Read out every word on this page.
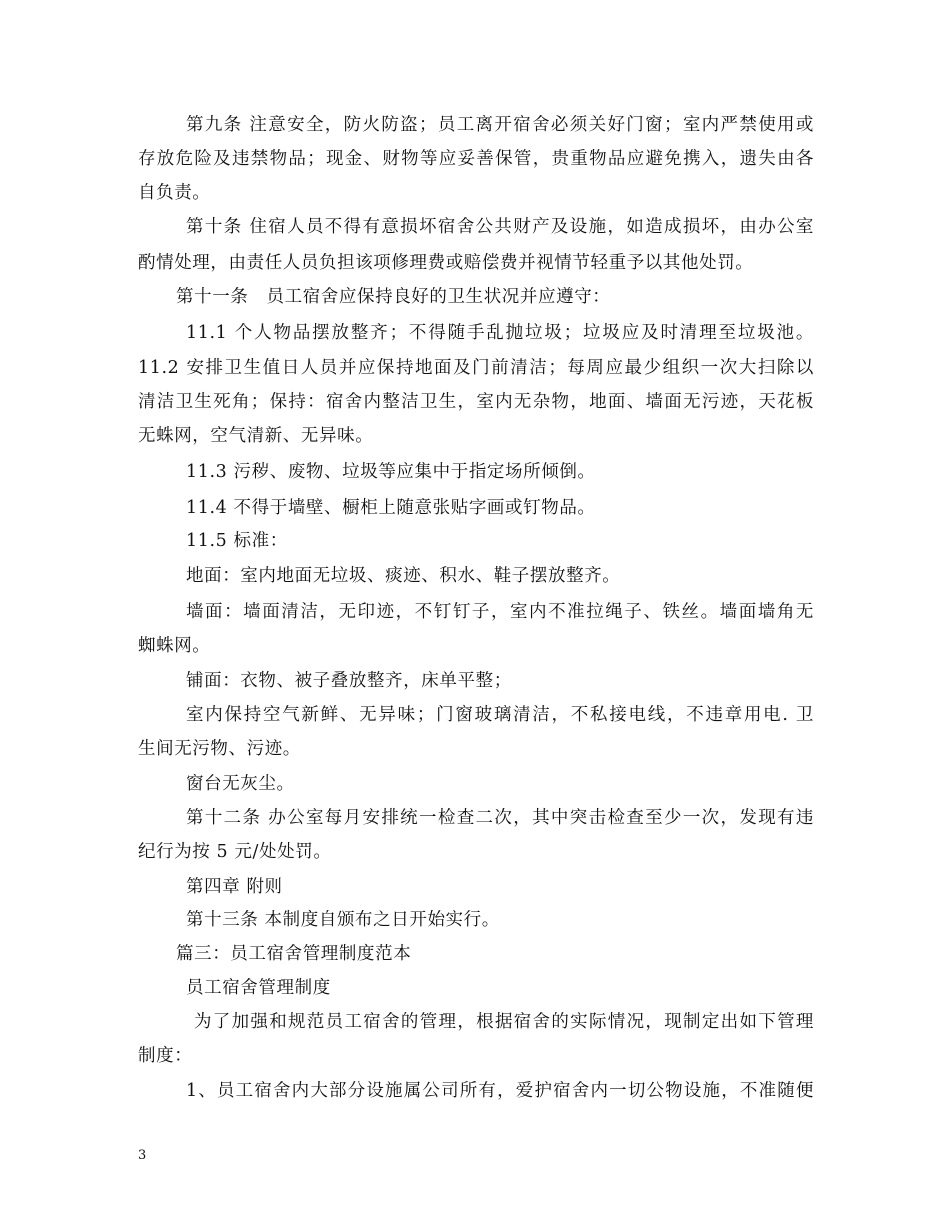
第九条 注意安全，防火防盗；员工离开宿舍必须关好门窗；室内严禁使用或
存放危险及违禁物品；现金、财物等应妥善保管，贵重物品应避免携入，遗失由各
自负责。
第十条 住宿人员不得有意损坏宿舍公共财产及设施，如造成损坏，由办公室
酌情处理，由责任人员负担该项修理费或赔偿费并视情节轻重予以其他处罚。
第十一条　员工宿舍应保持良好的卫生状况并应遵守：
11.1 个人物品摆放整齐；不得随手乱抛垃圾；垃圾应及时清理至垃圾池。
11.2 安排卫生值日人员并应保持地面及门前清洁；每周应最少组织一次大扫除以
清洁卫生死角；保持：宿舍内整洁卫生，室内无杂物，地面、墙面无污迹，天花板
无蛛网，空气清新、无异味。
11.3 污秽、废物、垃圾等应集中于指定场所倾倒。
11.4 不得于墙壁、橱柜上随意张贴字画或钉物品。
11.5 标准：
地面：室内地面无垃圾、痰迹、积水、鞋子摆放整齐。
墙面：墙面清洁，无印迹，不钉钉子，室内不准拉绳子、铁丝。墙面墙角无
蜘蛛网。
铺面：衣物、被子叠放整齐，床单平整；
室内保持空气新鲜、无异味；门窗玻璃清洁，不私接电线，不违章用电. 卫
生间无污物、污迹。
窗台无灰尘。
第十二条 办公室每月安排统一检查二次，其中突击检查至少一次，发现有违
纪行为按 5 元/处处罚。
第四章 附则
第十三条 本制度自颁布之日开始实行。
篇三：员工宿舍管理制度范本
员工宿舍管理制度
为了加强和规范员工宿舍的管理，根据宿舍的实际情况，现制定出如下管理
制度：
1、员工宿舍内大部分设施属公司所有，爱护宿舍内一切公物设施，不准随便
3
